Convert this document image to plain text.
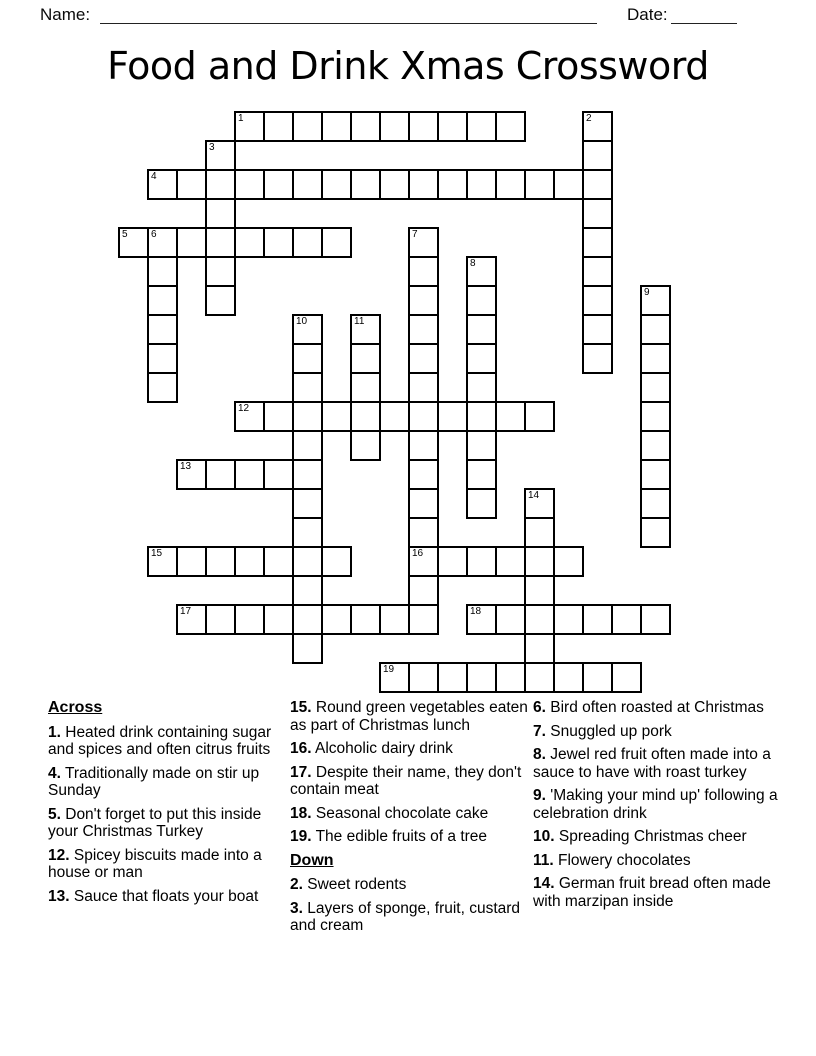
Name:	Date:
Food and Drink Xmas Crossword
1	2
3
4
5 6	7
16
8
9
10	11
12
13
14
15
17	18
19
Across

1. Heated drink containing sugar and spices and often citrus fruits

4. Traditionally made on stir up Sunday

5. Don't forget to put this inside your Christmas Turkey

12. Spicey biscuits made into a house or man

13. Sauce that floats your boat

15. Round green vegetables eaten as part of Christmas lunch

16. Alcoholic dairy drink

17. Despite their name, they don't contain meat

18. Seasonal chocolate cake

19. The edible fruits of a tree

Down

2. Sweet rodents

3. Layers of sponge, fruit, custard and cream

6. Bird often roasted at Christmas

7. Snuggled up pork

8. Jewel red fruit often made into a sauce to have with roast turkey

9. 'Making your mind up' following a celebration drink

10. Spreading Christmas cheer

11. Flowery chocolates

14. German fruit bread often made with marzipan inside
